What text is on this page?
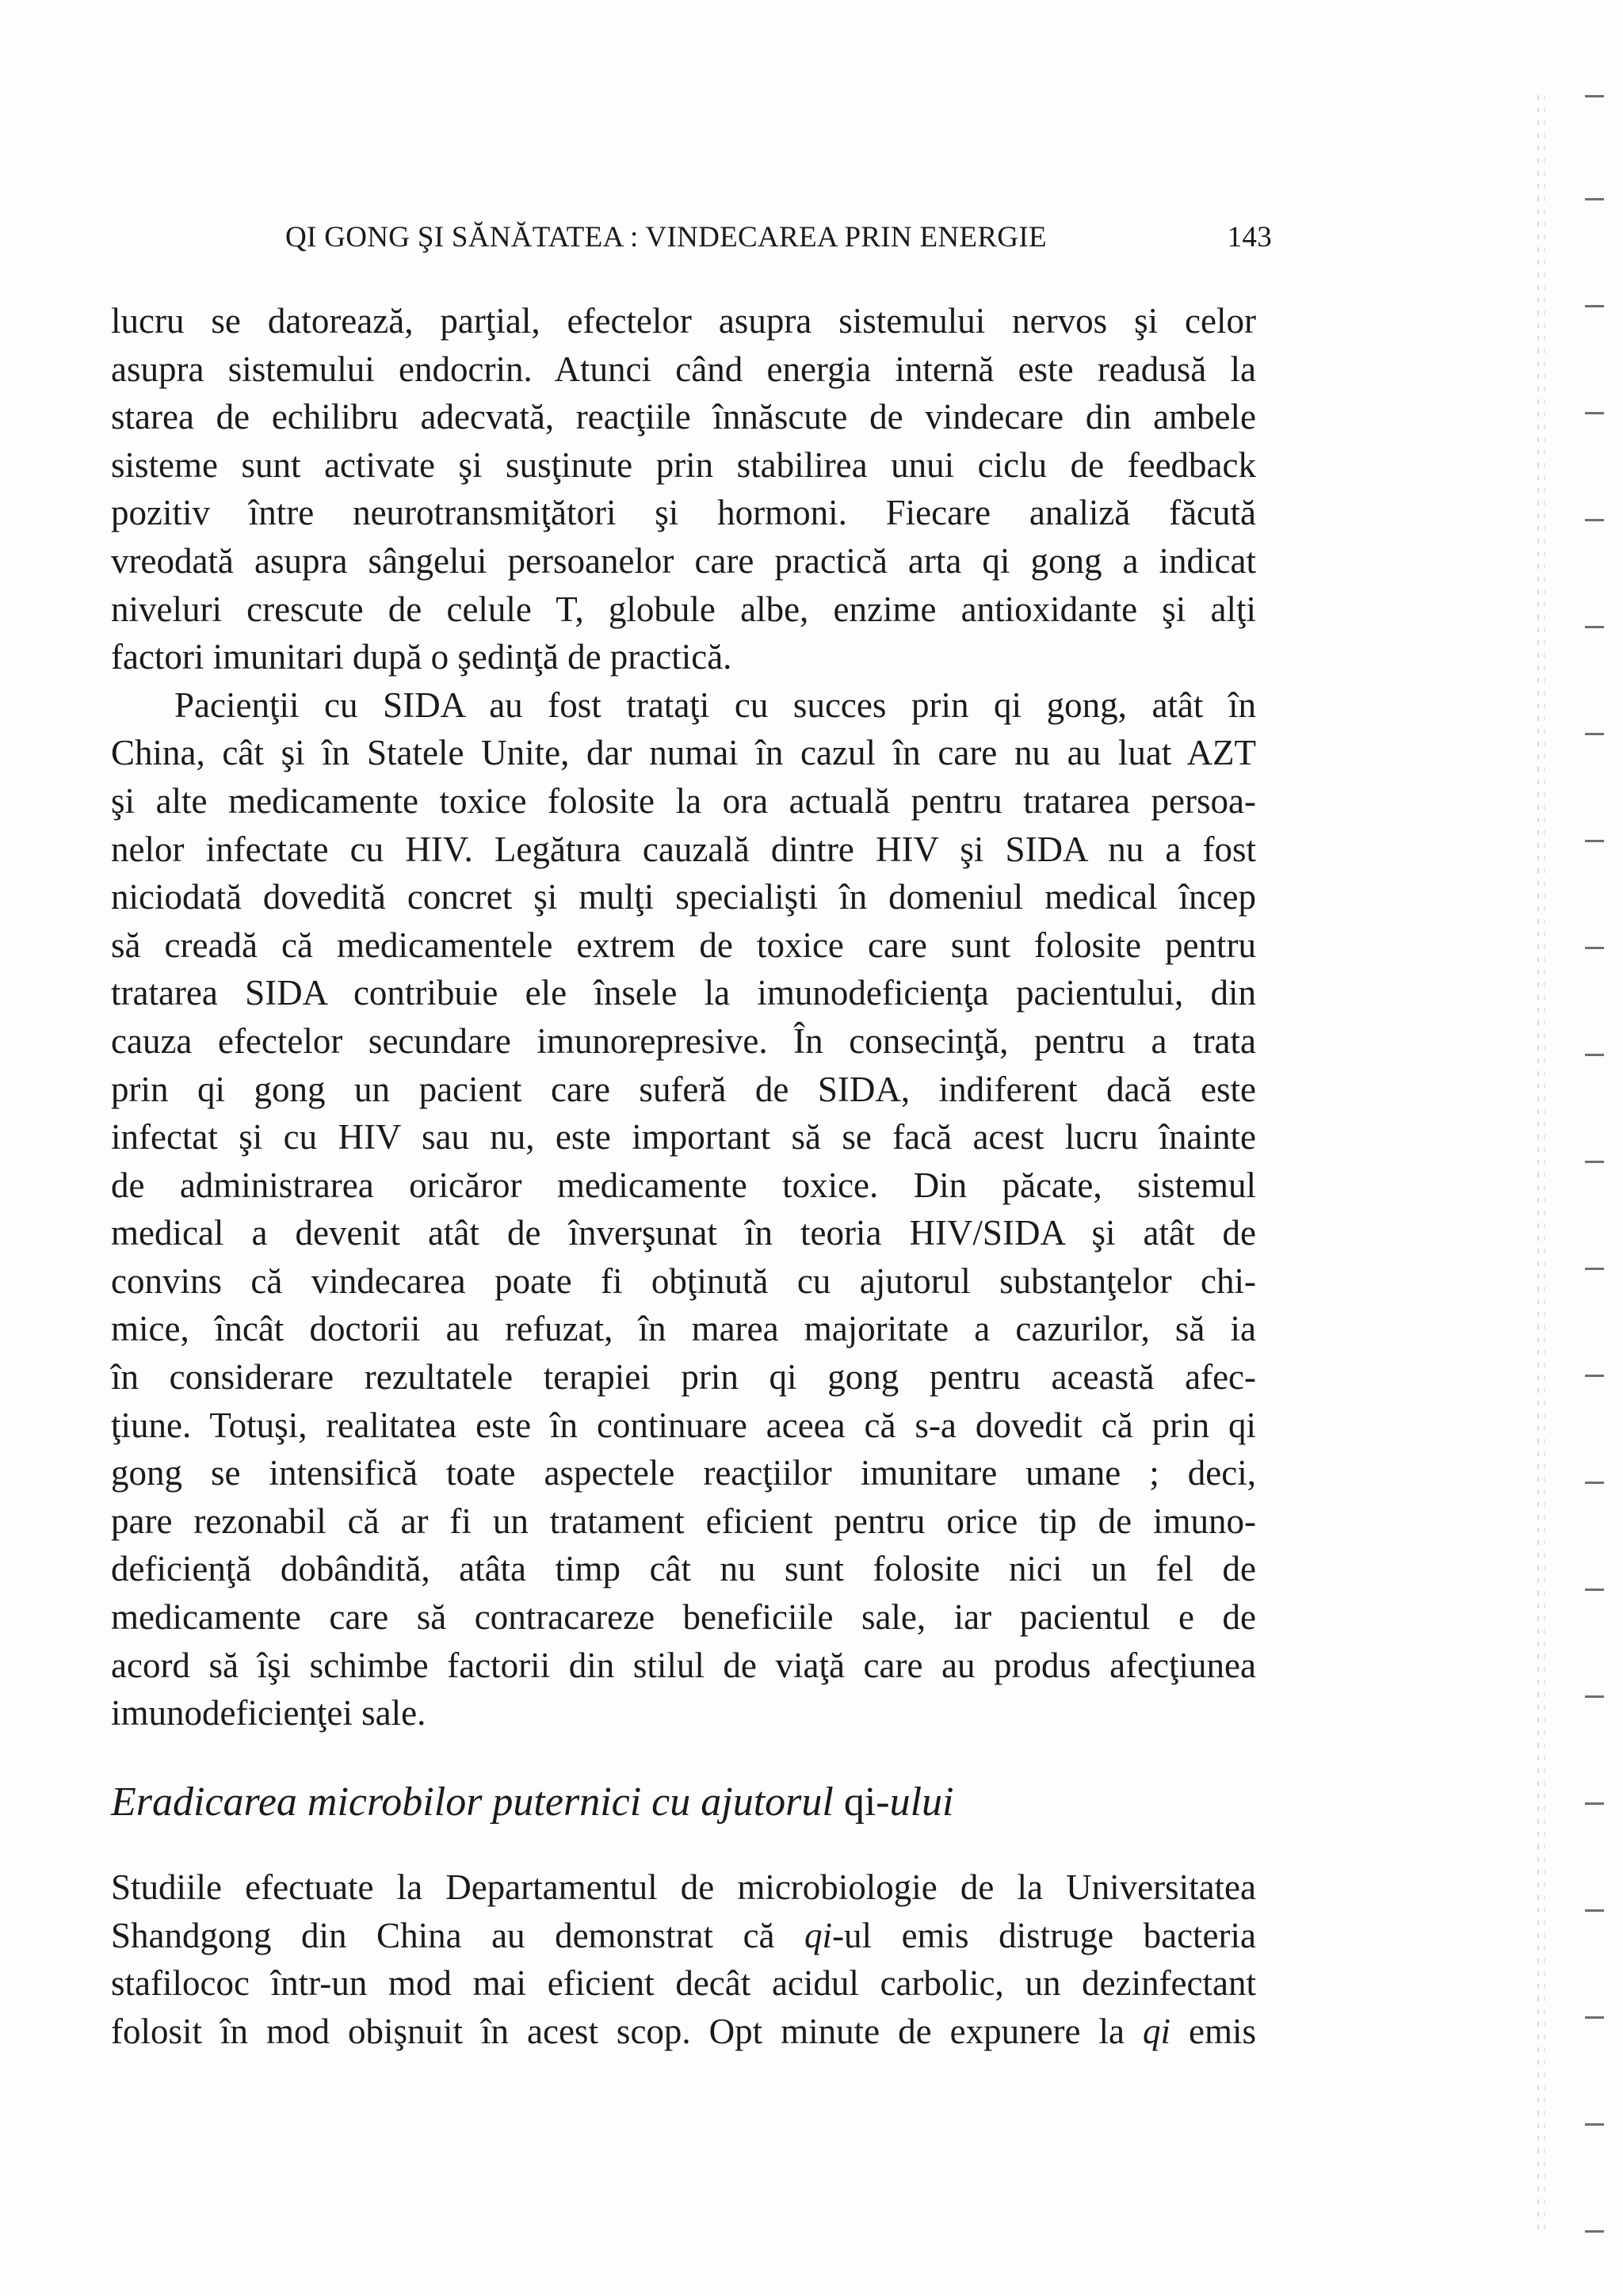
QI GONG ŞI SĂNĂTATEA : VINDECAREA PRIN ENERGIE	143
lucru se datorează, parţial, efectelor asupra sistemului nervos şi celor
asupra sistemului endocrin. Atunci când energia internă este readusă la
starea de echilibru adecvată, reacţiile înnăscute de vindecare din ambele
sisteme sunt activate şi susţinute prin stabilirea unui ciclu de feedback
pozitiv între neurotransmiţători şi hormoni. Fiecare analiză făcută
vreodată asupra sângelui persoanelor care practică arta qi gong a indicat
niveluri crescute de celule T, globule albe, enzime antioxidante şi alţi
factori imunitari după o şedinţă de practică.
Pacienţii cu SIDA au fost trataţi cu succes prin qi gong, atât în
China, cât şi în Statele Unite, dar numai în cazul în care nu au luat AZT
şi alte medicamente toxice folosite la ora actuală pentru tratarea persoa-
nelor infectate cu HIV. Legătura cauzală dintre HIV şi SIDA nu a fost
niciodată dovedită concret şi mulţi specialişti în domeniul medical încep
să creadă că medicamentele extrem de toxice care sunt folosite pentru
tratarea SIDA contribuie ele însele la imunodeficienţa pacientului, din
cauza efectelor secundare imunorepresive. În consecinţă, pentru a trata
prin qi gong un pacient care suferă de SIDA, indiferent dacă este
infectat şi cu HIV sau nu, este important să se facă acest lucru înainte
de administrarea oricăror medicamente toxice. Din păcate, sistemul
medical a devenit atât de înverşunat în teoria HIV/SIDA şi atât de
convins că vindecarea poate fi obţinută cu ajutorul substanţelor chi-
mice, încât doctorii au refuzat, în marea majoritate a cazurilor, să ia
în considerare rezultatele terapiei prin qi gong pentru această afec-
ţiune. Totuşi, realitatea este în continuare aceea că s-a dovedit că prin qi
gong se intensifică toate aspectele reacţiilor imunitare umane ; deci,
pare rezonabil că ar fi un tratament eficient pentru orice tip de imuno-
deficienţă dobândită, atâta timp cât nu sunt folosite nici un fel de
medicamente care să contracareze beneficiile sale, iar pacientul e de
acord să îşi schimbe factorii din stilul de viaţă care au produs afecţiunea
imunodeficienţei sale.
Eradicarea microbilor puternici cu ajutorul qi-ului
Studiile efectuate la Departamentul de microbiologie de la Universitatea
Shandgong din China au demonstrat că qi-ul emis distruge bacteria
stafilococ într-un mod mai eficient decât acidul carbolic, un dezinfectant
folosit în mod obişnuit în acest scop. Opt minute de expunere la qi emis
